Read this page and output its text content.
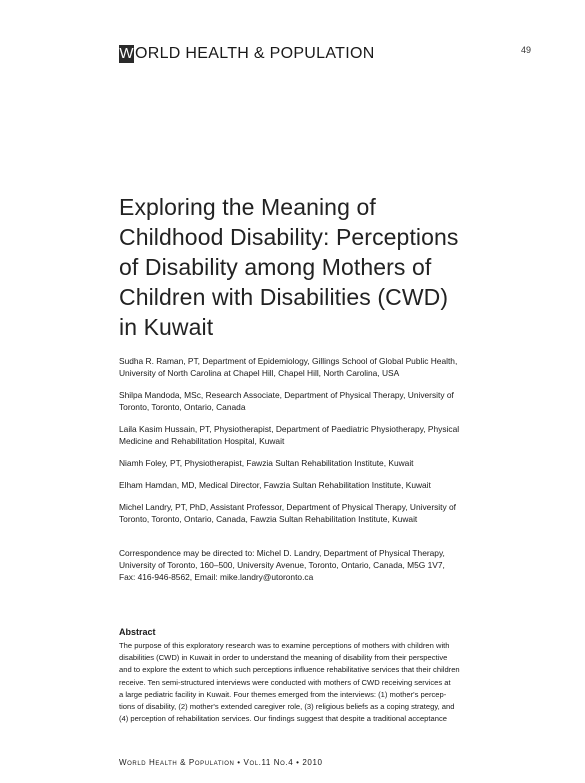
W ORLD HEALTH & POPULATION	49
Exploring the Meaning of
Childhood Disability: Perceptions
of Disability among Mothers of
Children with Disabilities (CWD)
in Kuwait

Sudha R. Raman, PT, Department of Epidemiology, Gillings School of Global Public Health,
University of North Carolina at Chapel Hill, Chapel Hill, North Carolina, USA

Shilpa Mandoda, MSc, Research Associate, Department of Physical Therapy, University of
Toronto, Toronto, Ontario, Canada

Laila Kasim Hussain, PT, Physiotherapist, Department of Paediatric Physiotherapy, Physical
Medicine and Rehabilitation Hospital, Kuwait

Niamh Foley, PT, Physiotherapist, Fawzia Sultan Rehabilitation Institute, Kuwait

Elham Hamdan, MD, Medical Director, Fawzia Sultan Rehabilitation Institute, Kuwait

Michel Landry, PT, PhD, Assistant Professor, Department of Physical Therapy, University of
Toronto, Toronto, Ontario, Canada, Fawzia Sultan Rehabilitation Institute, Kuwait

Correspondence may be directed to: Michel D. Landry, Department of Physical Therapy,
University of Toronto, 160–500, University Avenue, Toronto, Ontario, Canada, M5G 1V7,
Fax: 416-946-8562, Email: mike.landry@utoronto.ca
Abstract
The purpose of this exploratory research was to examine perceptions of mothers with children with
disabilities (CWD) in Kuwait in order to understand the meaning of disability from their perspective
and to explore the extent to which such perceptions influence rehabilitative services that their children
receive. Ten semi-structured interviews were conducted with mothers of CWD receiving services at
a large pediatric facility in Kuwait. Four themes emerged from the interviews: (1) mother's percep-
tions of disability, (2) mother's extended caregiver role, (3) religious beliefs as a coping strategy, and
(4) perception of rehabilitation services. Our findings suggest that despite a traditional acceptance
World Health & Population • Vol.11 No.4 • 2010
